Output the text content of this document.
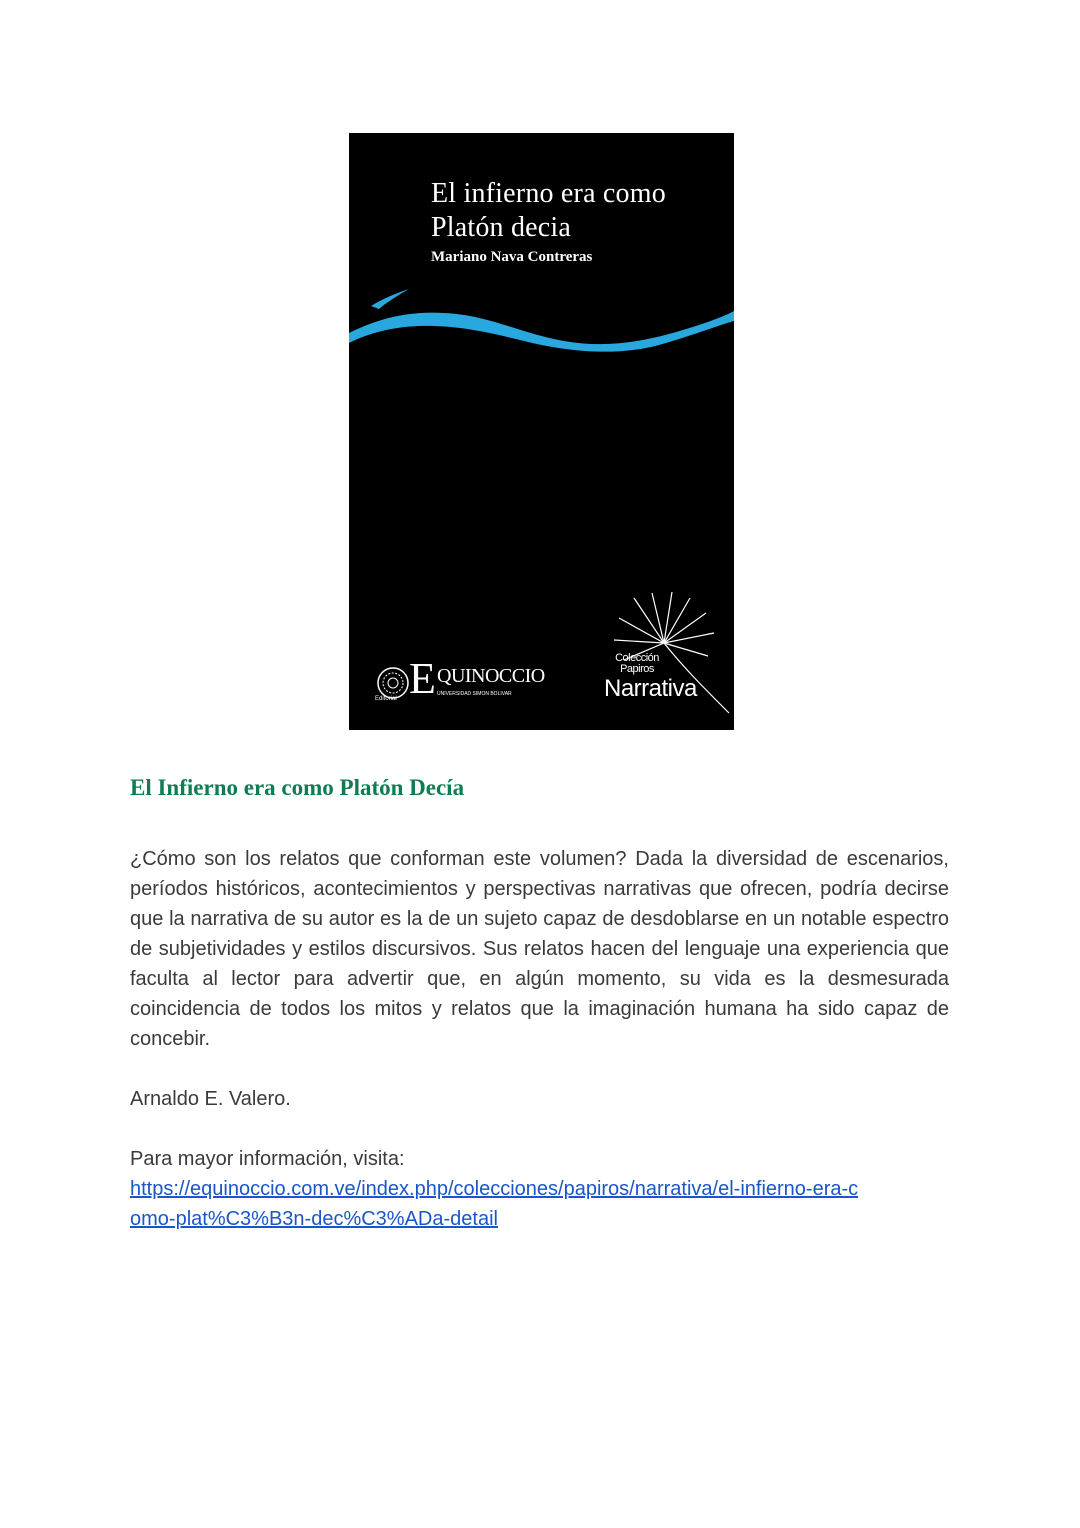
El infierno era como
Platón decia
Mariano Nava Contreras
Editorial E QUINOCCIO
UNIVERSIDAD SIMÓN BOLÍVAR
Colección
Papiros
Narrativa
El Infierno era como Platón Decía

¿Cómo son los relatos que conforman este volumen? Dada la diversidad de escenarios, períodos históricos, acontecimientos y perspectivas narrativas que ofrecen, podría decirse que la narrativa de su autor es la de un sujeto capaz de desdoblarse en un notable espectro de subjetividades y estilos discursivos. Sus relatos hacen del lenguaje una experiencia que faculta al lector para advertir que, en algún momento, su vida es la desmesurada coincidencia de todos los mitos y relatos que la imaginación humana ha sido capaz de concebir.

Arnaldo E. Valero.

Para mayor información, visita:

https://equinoccio.com.ve/index.php/colecciones/papiros/narrativa/el-infierno-era-c
omo-plat%C3%B3n-dec%C3%ADa-detail
